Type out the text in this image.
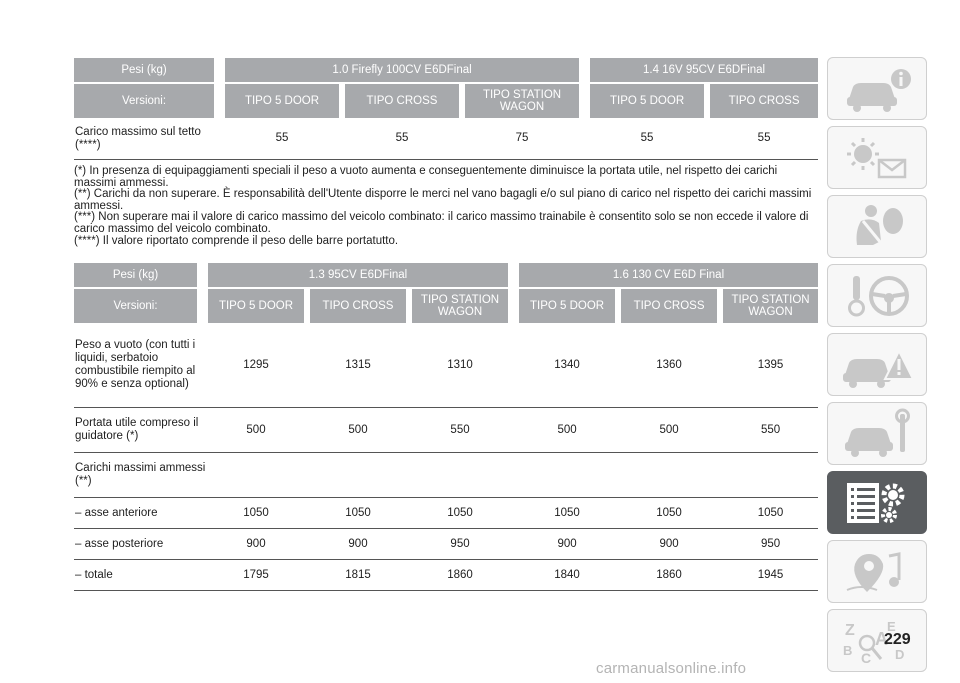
Pesi (kg)		1.0 Firefly 100CV E6DFinal						1.4 16V 95CV E6DFinal		

Versioni:		TIPO 5 DOOR		TIPO CROSS		TIPO STATION WAGON		TIPO 5 DOOR		TIPO CROSS
Carico massimo sul tetto (****)		55		55		75		55		55

(*) In presenza di equipaggiamenti speciali il peso a vuoto aumenta e conseguentemente diminuisce la portata utile, nel rispetto dei carichi massimi ammessi.

(**) Carichi da non superare. È responsabilità dell'Utente disporre le merci nel vano bagagli e/o sul piano di carico nel rispetto dei carichi massimi ammessi.

(***) Non superare mai il valore di carico massimo del veicolo combinato: il carico massimo trainabile è consentito solo se non eccede il valore di carico massimo del veicolo combinato.

(****) Il valore riportato comprende il peso delle barre portatutto.

Pesi (kg)		1.3 95CV E6DFinal						1.6 130 CV E6D Final				

Versioni:		TIPO 5 DOOR		TIPO CROSS		TIPO STATION WAGON		TIPO 5 DOOR		TIPO CROSS		TIPO STATION WAGON
Peso a vuoto (con tutti i liquidi, serbatoio combustibile riempito al 90% e senza optional)		1295		1315		1310		1340		1360		1395
Portata utile compreso il guidatore (*)		500		500		550		500		500		550
Carichi massimi ammessi (**)												
– asse anteriore		1050		1050		1050		1050		1050		1050
– asse posteriore		900		900		950		900		900		950
– totale		1795		1815		1860		1840		1860		1945
Z E
A
B C D
229
carmanualsonline.info
